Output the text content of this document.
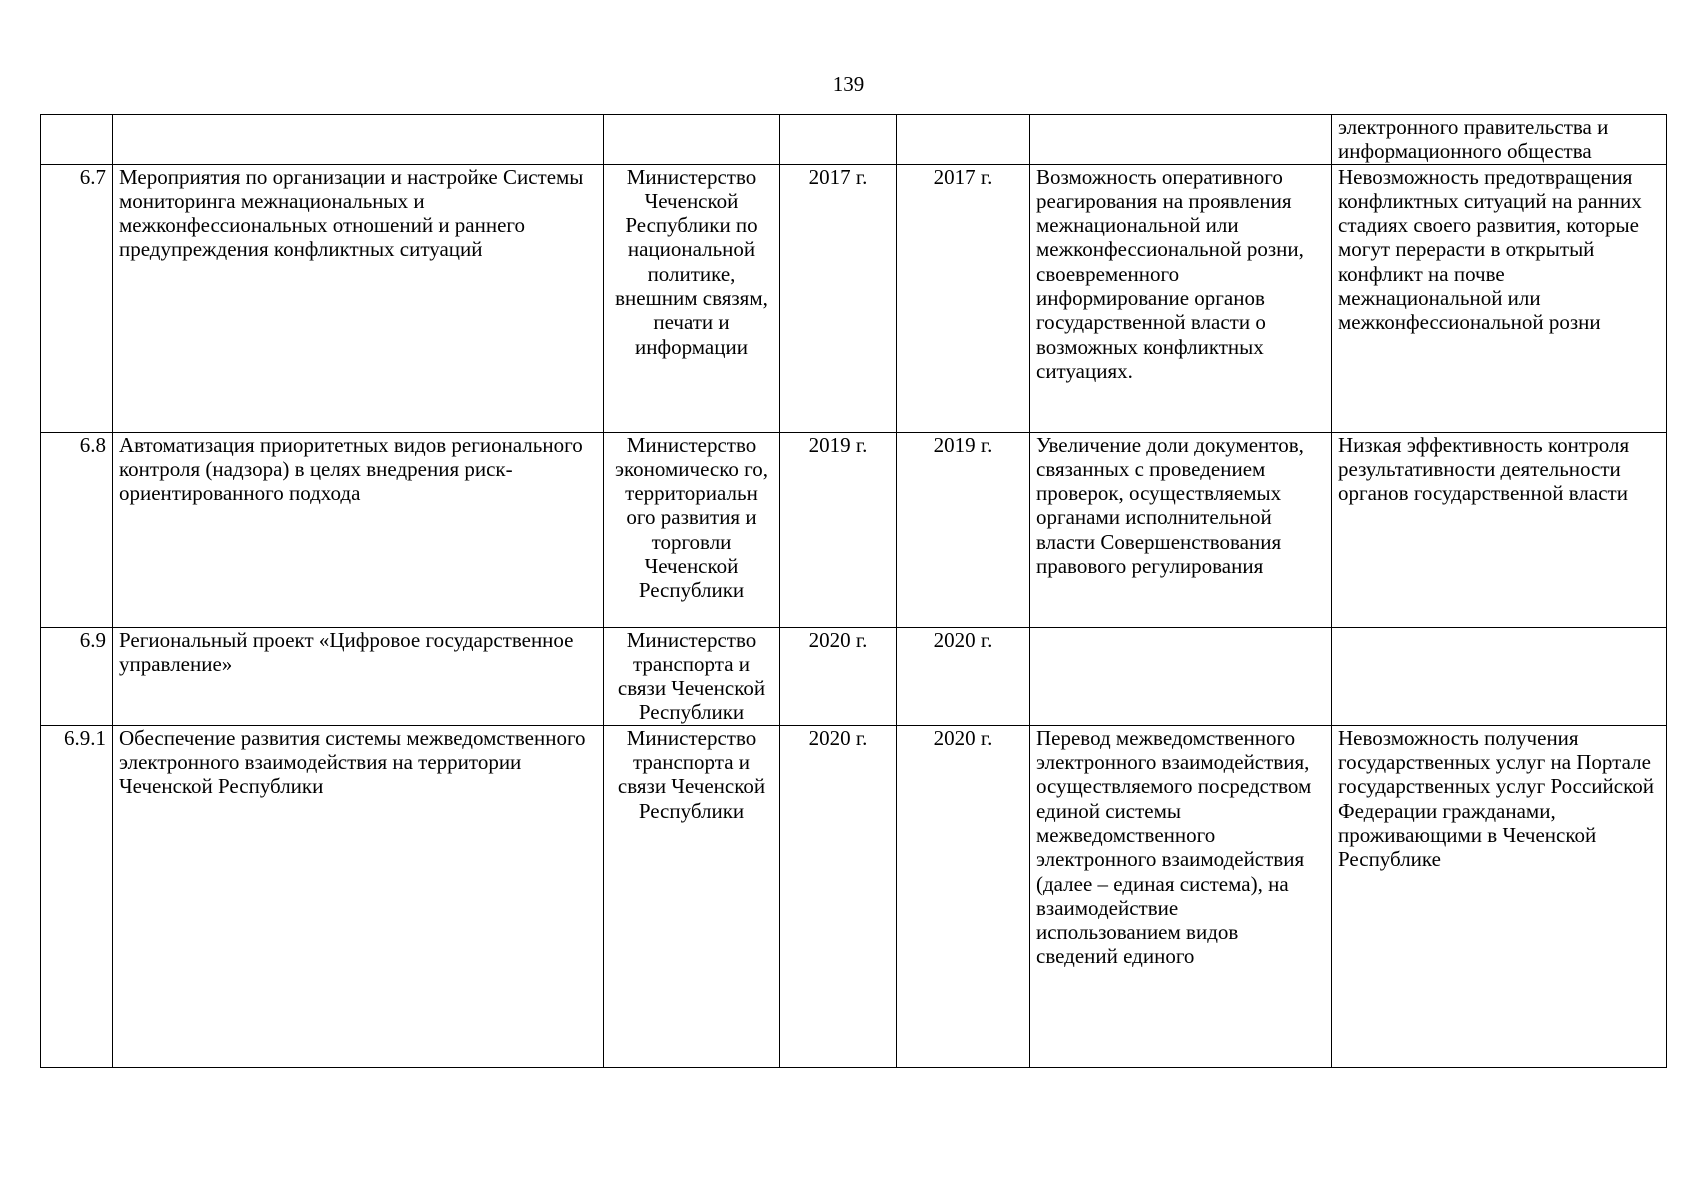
139
						электронного правительства и информационного общества
6.7	Мероприятия по организации и настройке Системы мониторинга межнациональных и межконфессиональных отношений и раннего предупреждения конфликтных ситуаций	Министерство Чеченской Республики по национальной политике, внешним связям, печати и информации	2017 г.	2017 г.	Возможность оперативного реагирования на проявления межнациональной или межконфессиональной розни, своевременного информирование органов государственной власти о возможных конфликтных ситуациях.	Невозможность предотвращения конфликтных ситуаций на ранних стадиях своего развития, которые могут перерасти в открытый конфликт на почве межнациональной или межконфессиональной розни
6.8	Автоматизация приоритетных видов регионального контроля (надзора) в целях внедрения риск-ориентированного подхода	Министерство экономическо го, территориальн ого развития и торговли Чеченской Республики	2019 г.	2019 г.	Увеличение доли документов, связанных с проведением проверок, осуществляемых органами исполнительной власти Совершенствования правового регулирования	Низкая эффективность контроля результативности деятельности органов государственной власти
6.9	Региональный проект «Цифровое государственное управление»	Министерство транспорта и связи Чеченской Республики	2020 г.	2020 г.		
6.9.1	Обеспечение развития системы межведомственного электронного взаимодействия на территории Чеченской Республики	Министерство транспорта и связи Чеченской Республики	2020 г.	2020 г.	Перевод межведомственного электронного взаимодействия, осуществляемого посредством единой системы межведомственного электронного взаимодействия (далее – единая система), на взаимодействие использованием видов сведений единого	Невозможность получения государственных услуг на Портале государственных услуг Российской Федерации гражданами, проживающими в Чеченской Республике
